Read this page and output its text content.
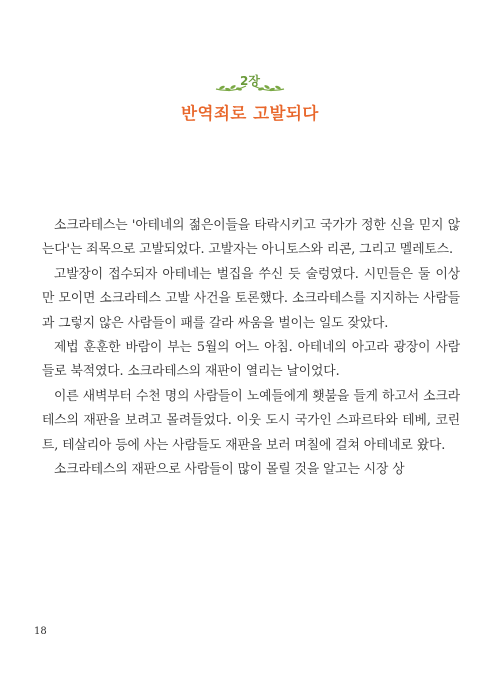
2장
반역죄로 고발되다

소크라테스는 '아테네의 젊은이들을 타락시키고 국가가 정한 신을 믿지 않는다'는 죄목으로 고발되었다. 고발자는 아니토스와 리콘, 그리고 멜레토스.

고발장이 접수되자 아테네는 벌집을 쑤신 듯 술렁였다. 시민들은 둘 이상만 모이면 소크라테스 고발 사건을 토론했다. 소크라테스를 지지하는 사람들과 그렇지 않은 사람들이 패를 갈라 싸움을 벌이는 일도 잦았다.

제법 훈훈한 바람이 부는 5월의 어느 아침. 아테네의 아고라 광장이 사람들로 북적였다. 소크라테스의 재판이 열리는 날이었다.

이른 새벽부터 수천 명의 사람들이 노예들에게 횃불을 들게 하고서 소크라테스의 재판을 보려고 몰려들었다. 이웃 도시 국가인 스파르타와 테베, 코린트, 테살리아 등에 사는 사람들도 재판을 보러 며칠에 걸쳐 아테네로 왔다.

소크라테스의 재판으로 사람들이 많이 몰릴 것을 알고는 시장 상

18
